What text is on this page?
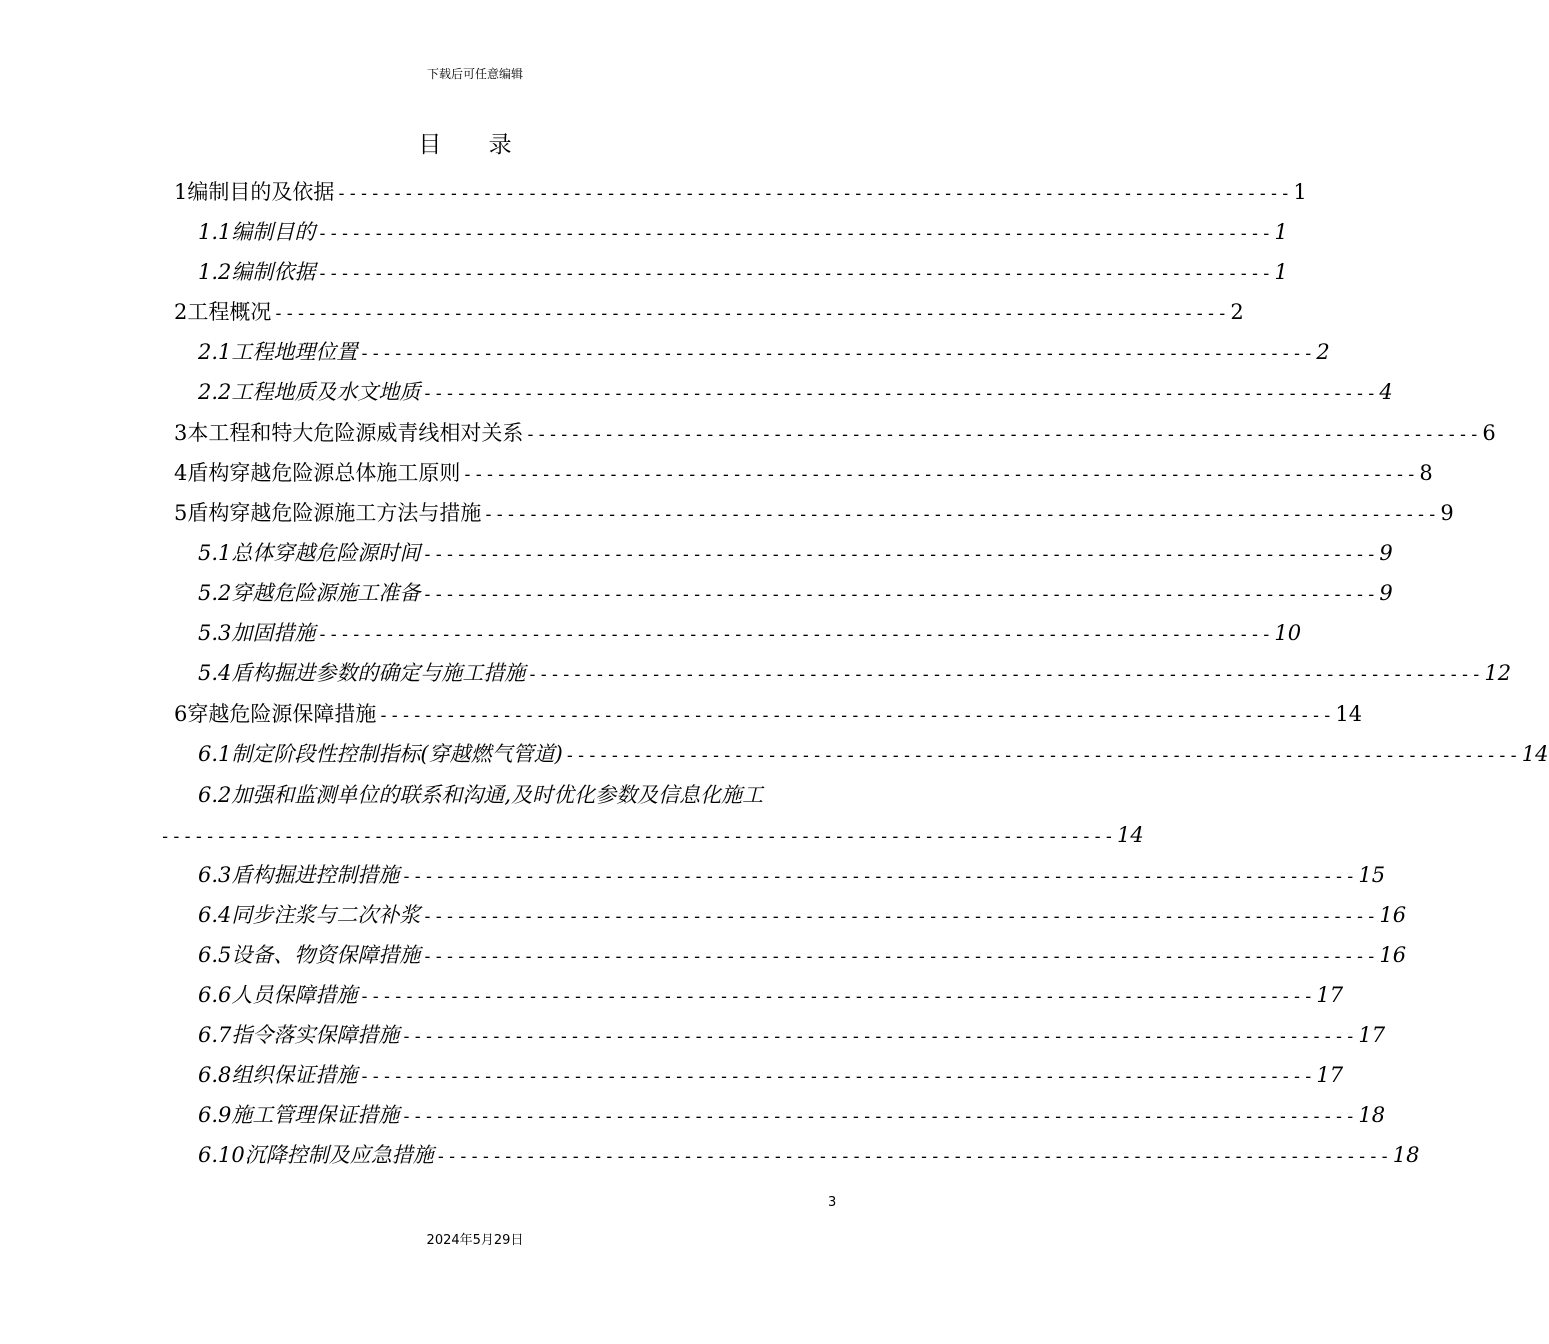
下载后可任意编辑
目 录
1编制目的及依据 ------------------------------------------------------------------------------------- 1
1.1编制目的 ------------------------------------------------------------------------------------- 1
1.2编制依据 ------------------------------------------------------------------------------------- 1
2工程概况 ------------------------------------------------------------------------------------- 2
2.1工程地理位置 ------------------------------------------------------------------------------------- 2
2.2工程地质及水文地质 ------------------------------------------------------------------------------------- 4
3本工程和特大危险源威青线相对关系 ------------------------------------------------------------------------------------- 6
4盾构穿越危险源总体施工原则 ------------------------------------------------------------------------------------- 8
5盾构穿越危险源施工方法与措施 ------------------------------------------------------------------------------------- 9
5.1总体穿越危险源时间 ------------------------------------------------------------------------------------- 9
5.2穿越危险源施工准备 ------------------------------------------------------------------------------------- 9
5.3加固措施 ------------------------------------------------------------------------------------- 10
5.4盾构掘进参数的确定与施工措施 ------------------------------------------------------------------------------------- 12
6穿越危险源保障措施 ------------------------------------------------------------------------------------- 14
6.1制定阶段性控制指标(穿越燃气管道) ------------------------------------------------------------------------------------- 14
6.2加强和监测单位的联系和沟通,及时优化参数及信息化施工
------------------------------------------------------------------------------------- 14
6.3盾构掘进控制措施 ------------------------------------------------------------------------------------- 15
6.4同步注浆与二次补浆 ------------------------------------------------------------------------------------- 16
6.5设备、物资保障措施 ------------------------------------------------------------------------------------- 16
6.6人员保障措施 ------------------------------------------------------------------------------------- 17
6.7指令落实保障措施 ------------------------------------------------------------------------------------- 17
6.8组织保证措施 ------------------------------------------------------------------------------------- 17
6.9施工管理保证措施 ------------------------------------------------------------------------------------- 18
6.10沉降控制及应急措施 ------------------------------------------------------------------------------------- 18
3
2024年5月29日
